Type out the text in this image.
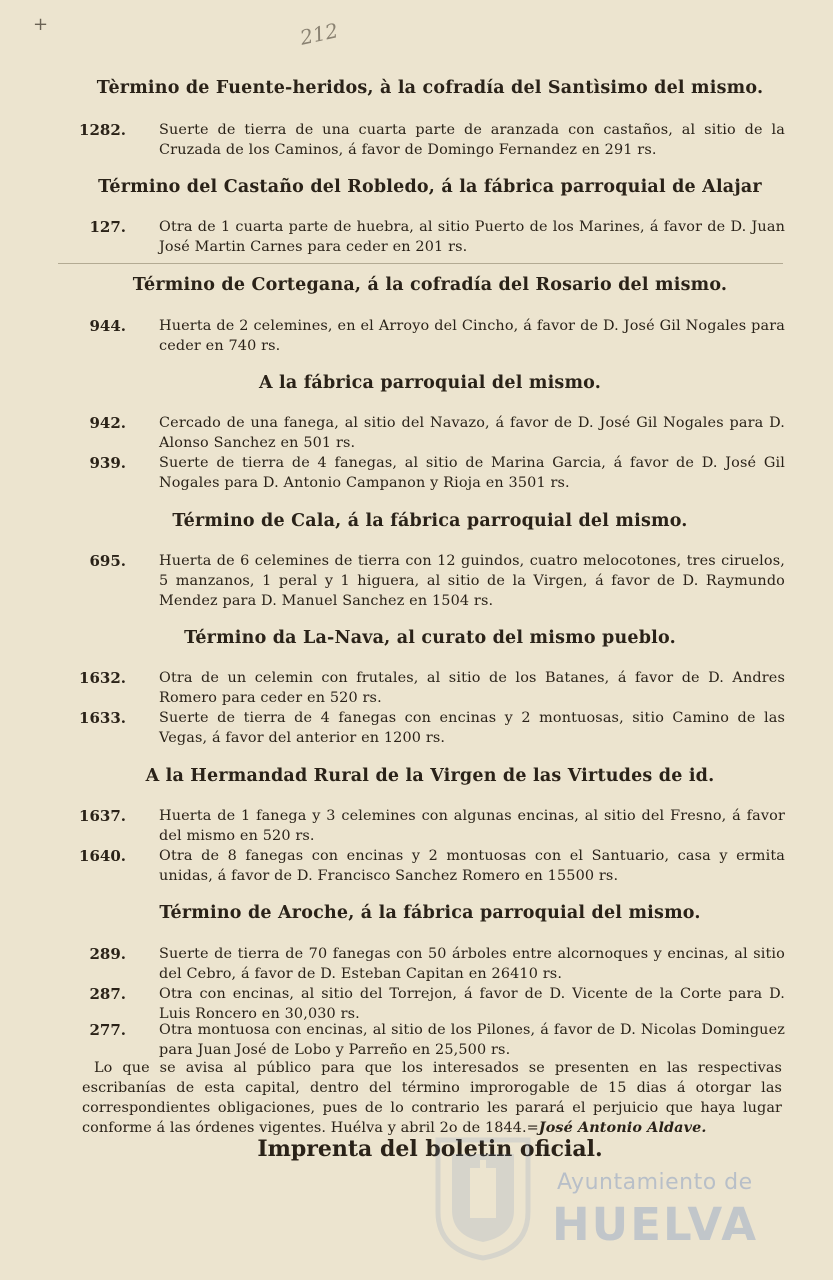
+	212
Tèrmino de Fuente-heridos, à la cofradía del Santìsimo del mismo.
1282. Suerte de tierra de una cuarta parte de aranzada con castaños, al sitio de la Cruzada de los Caminos, á favor de Domingo Fernandez en 291 rs.
Término del Castaño del Robledo, á la fábrica parroquial de Alajar
127. Otra de 1 cuarta parte de huebra, al sitio Puerto de los Marines, á favor de D. Juan José Martin Carnes para ceder en 201 rs.
Término de Cortegana, á la cofradía del Rosario del mismo.
944. Huerta de 2 celemines, en el Arroyo del Cincho, á favor de D. José Gil Nogales para ceder en 740 rs.
A la fábrica parroquial del mismo.
942. Cercado de una fanega, al sitio del Navazo, á favor de D. José Gil Nogales para D. Alonso Sanchez en 501 rs.
939. Suerte de tierra de 4 fanegas, al sitio de Marina Garcia, á favor de D. José Gil Nogales para D. Antonio Campanon y Rioja en 3501 rs.
Término de Cala, á la fábrica parroquial del mismo.
695. Huerta de 6 celemines de tierra con 12 guindos, cuatro melocotones, tres ciruelos, 5 manzanos, 1 peral y 1 higuera, al sitio de la Virgen, á favor de D. Raymundo Mendez para D. Manuel Sanchez en 1504 rs.
Término da La-Nava, al curato del mismo pueblo.
1632. Otra de un celemin con frutales, al sitio de los Batanes, á favor de D. Andres Romero para ceder en 520 rs.
1633. Suerte de tierra de 4 fanegas con encinas y 2 montuosas, sitio Camino de las Vegas, á favor del anterior en 1200 rs.
A la Hermandad Rural de la Virgen de las Virtudes de id.
1637. Huerta de 1 fanega y 3 celemines con algunas encinas, al sitio del Fresno, á favor del mismo en 520 rs.
1640. Otra de 8 fanegas con encinas y 2 montuosas con el Santuario, casa y ermita unidas, á favor de D. Francisco Sanchez Romero en 15500 rs.
Término de Aroche, á la fábrica parroquial del mismo.
289. Suerte de tierra de 70 fanegas con 50 árboles entre alcornoques y encinas, al sitio del Cebro, á favor de D. Esteban Capitan en 26410 rs.
287. Otra con encinas, al sitio del Torrejon, á favor de D. Vicente de la Corte para D. Luis Roncero en 30,030 rs.
277. Otra montuosa con encinas, al sitio de los Pilones, á favor de D. Nicolas Dominguez para Juan José de Lobo y Parreño en 25,500 rs.
Lo que se avisa al público para que los interesados se presenten en las respectivas escribanías de esta capital, dentro del término improrogable de 15 dias á otorgar las correspondientes obligaciones, pues de lo contrario les parará el perjuicio que haya lugar conforme á las órdenes vigentes. Huélva y abril 2o de 1844.=José Antonio Aldave.
Imprenta del boletin oficial.
Ayuntamiento de
HUELVA
